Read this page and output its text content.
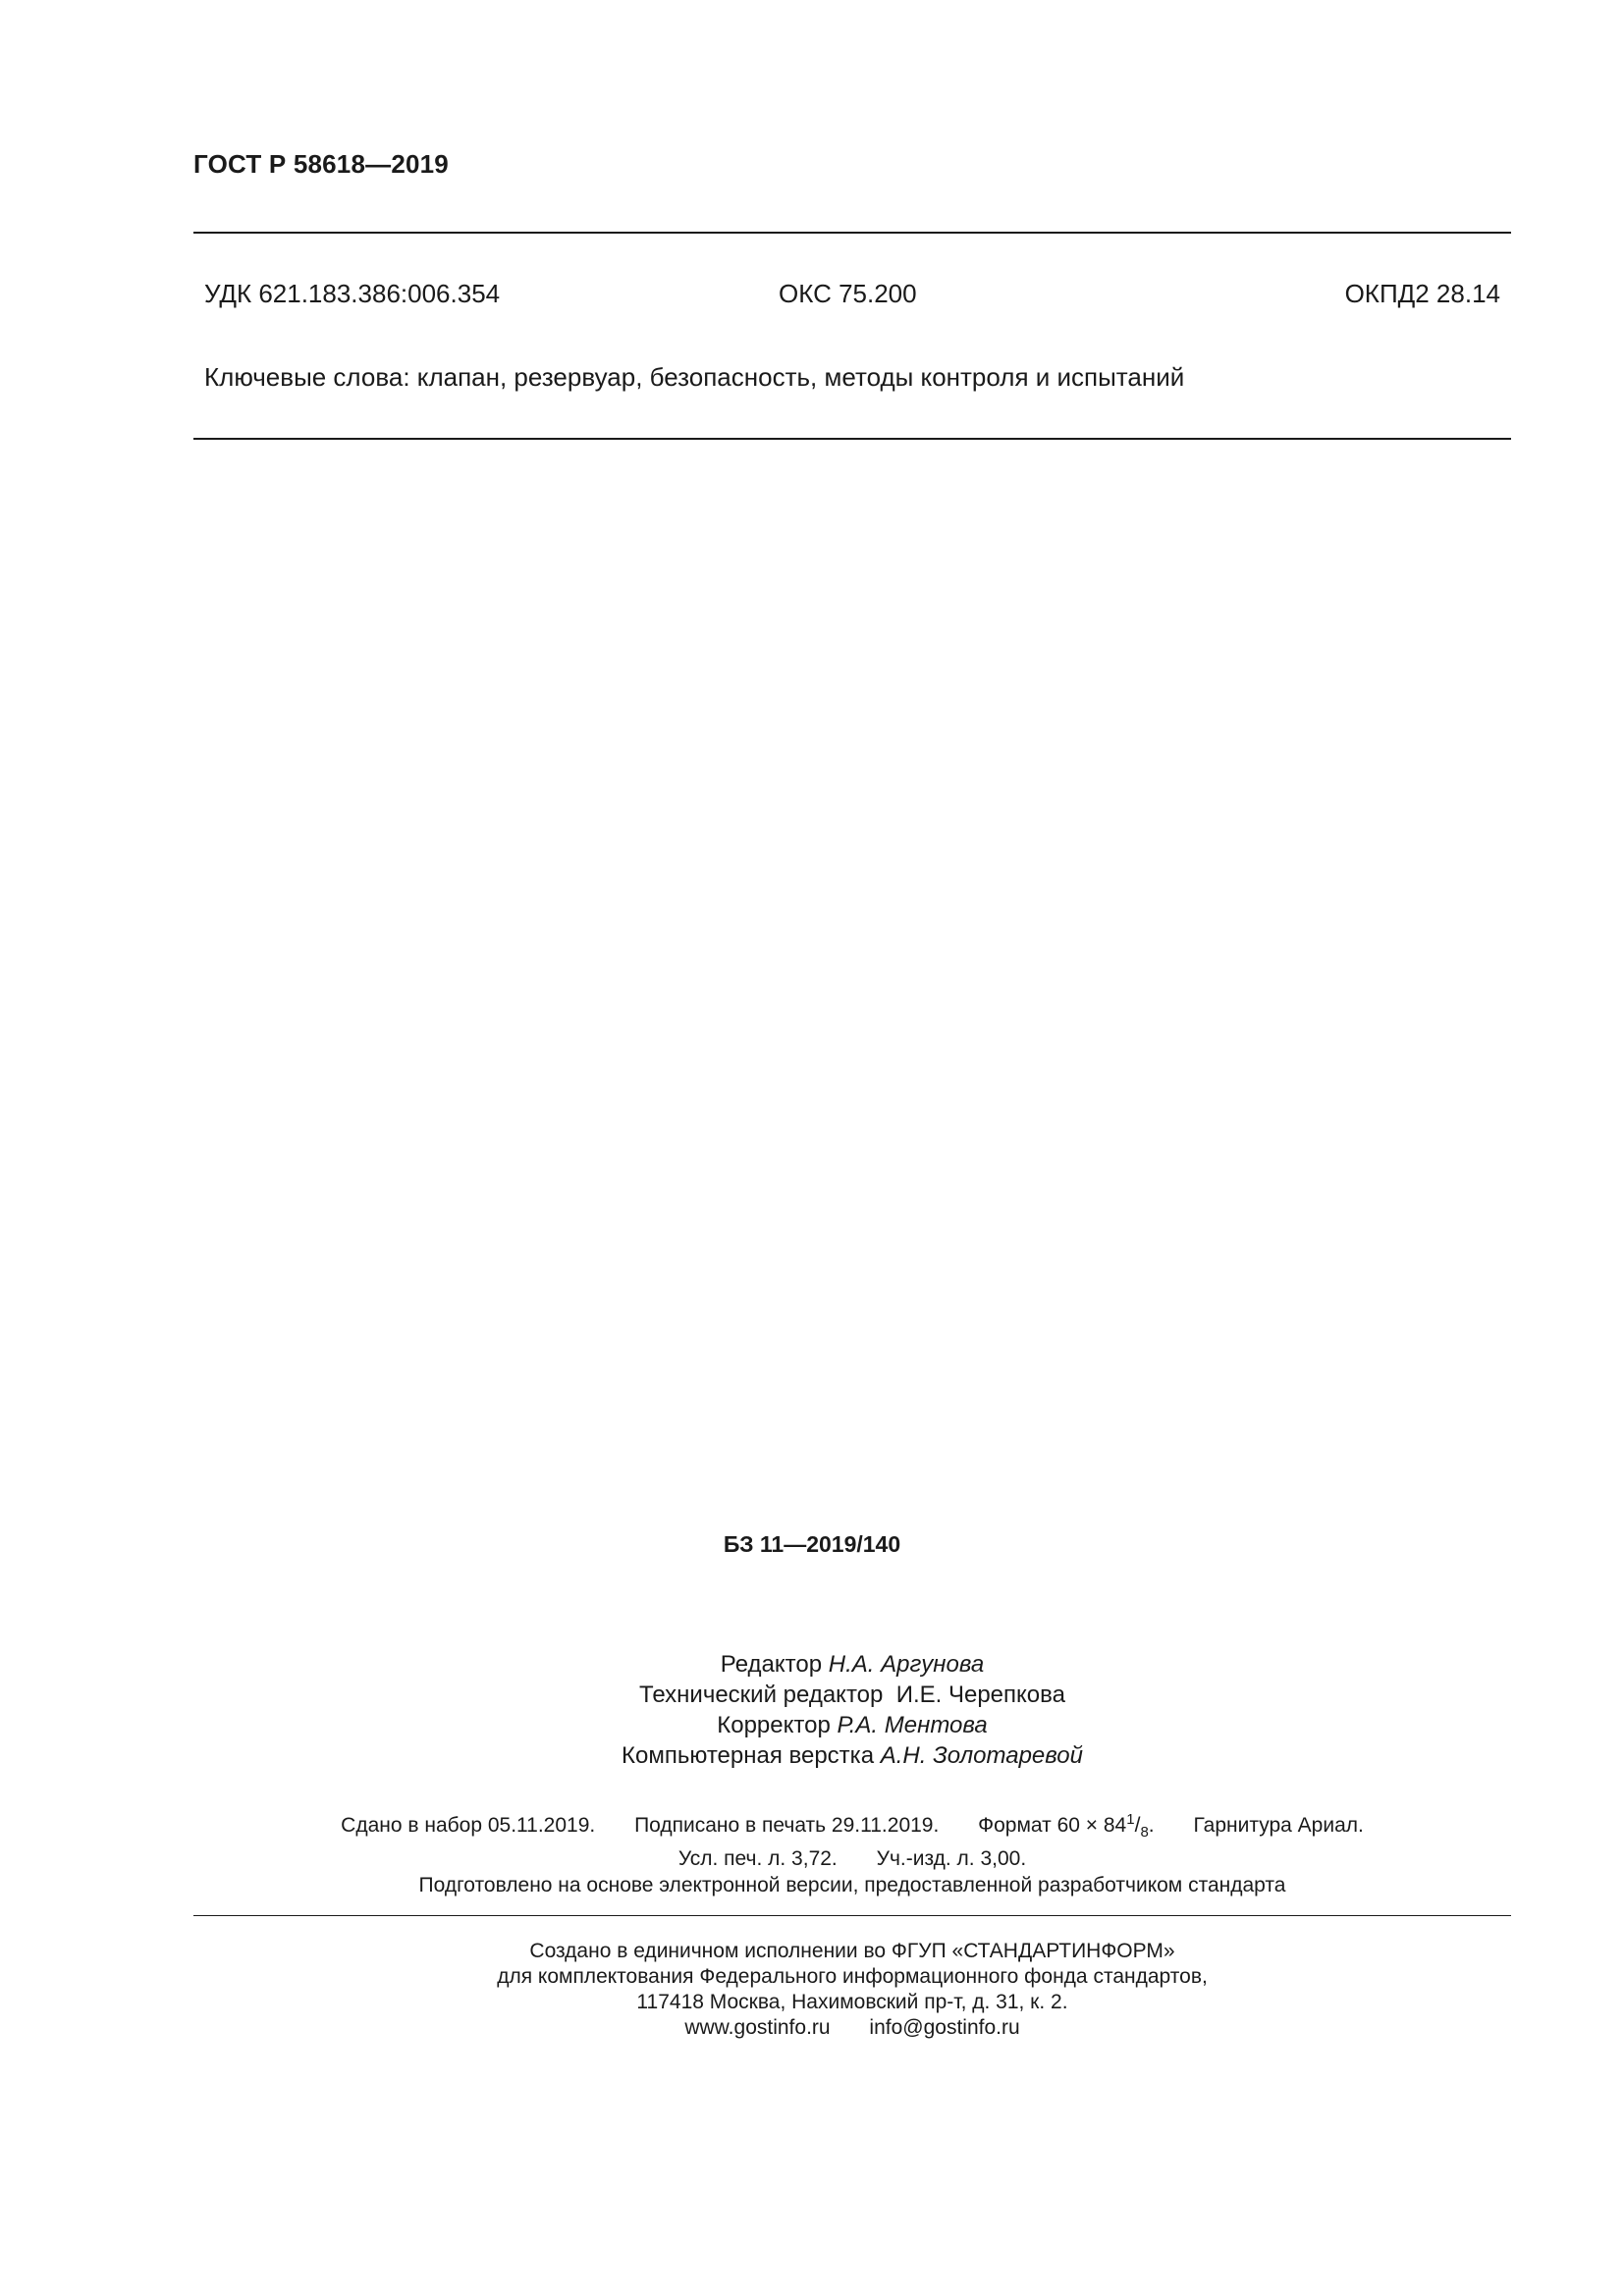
ГОСТ Р 58618—2019
УДК 621.183.386:006.354	ОКС 75.200	ОКПД2 28.14
Ключевые слова: клапан, резервуар, безопасность, методы контроля и испытаний
БЗ 11—2019/140
Редактор Н.А. Аргунова
Технический редактор И.Е. Черепкова
Корректор Р.А. Ментова
Компьютерная верстка А.Н. Золотаревой
Сдано в набор 05.11.2019. Подписано в печать 29.11.2019. Формат $60 \times 84^1/_8$. Гарнитура Ариал.
Усл. печ. л. 3,72. Уч.-изд. л. 3,00.
Подготовлено на основе электронной версии, предоставленной разработчиком стандарта
Создано в единичном исполнении во ФГУП «СТАНДАРТИНФОРМ»
для комплектования Федерального информационного фонда стандартов,
117418 Москва, Нахимовский пр-т, д. 31, к. 2.
www.gostinfo.ru info@gostinfo.ru
